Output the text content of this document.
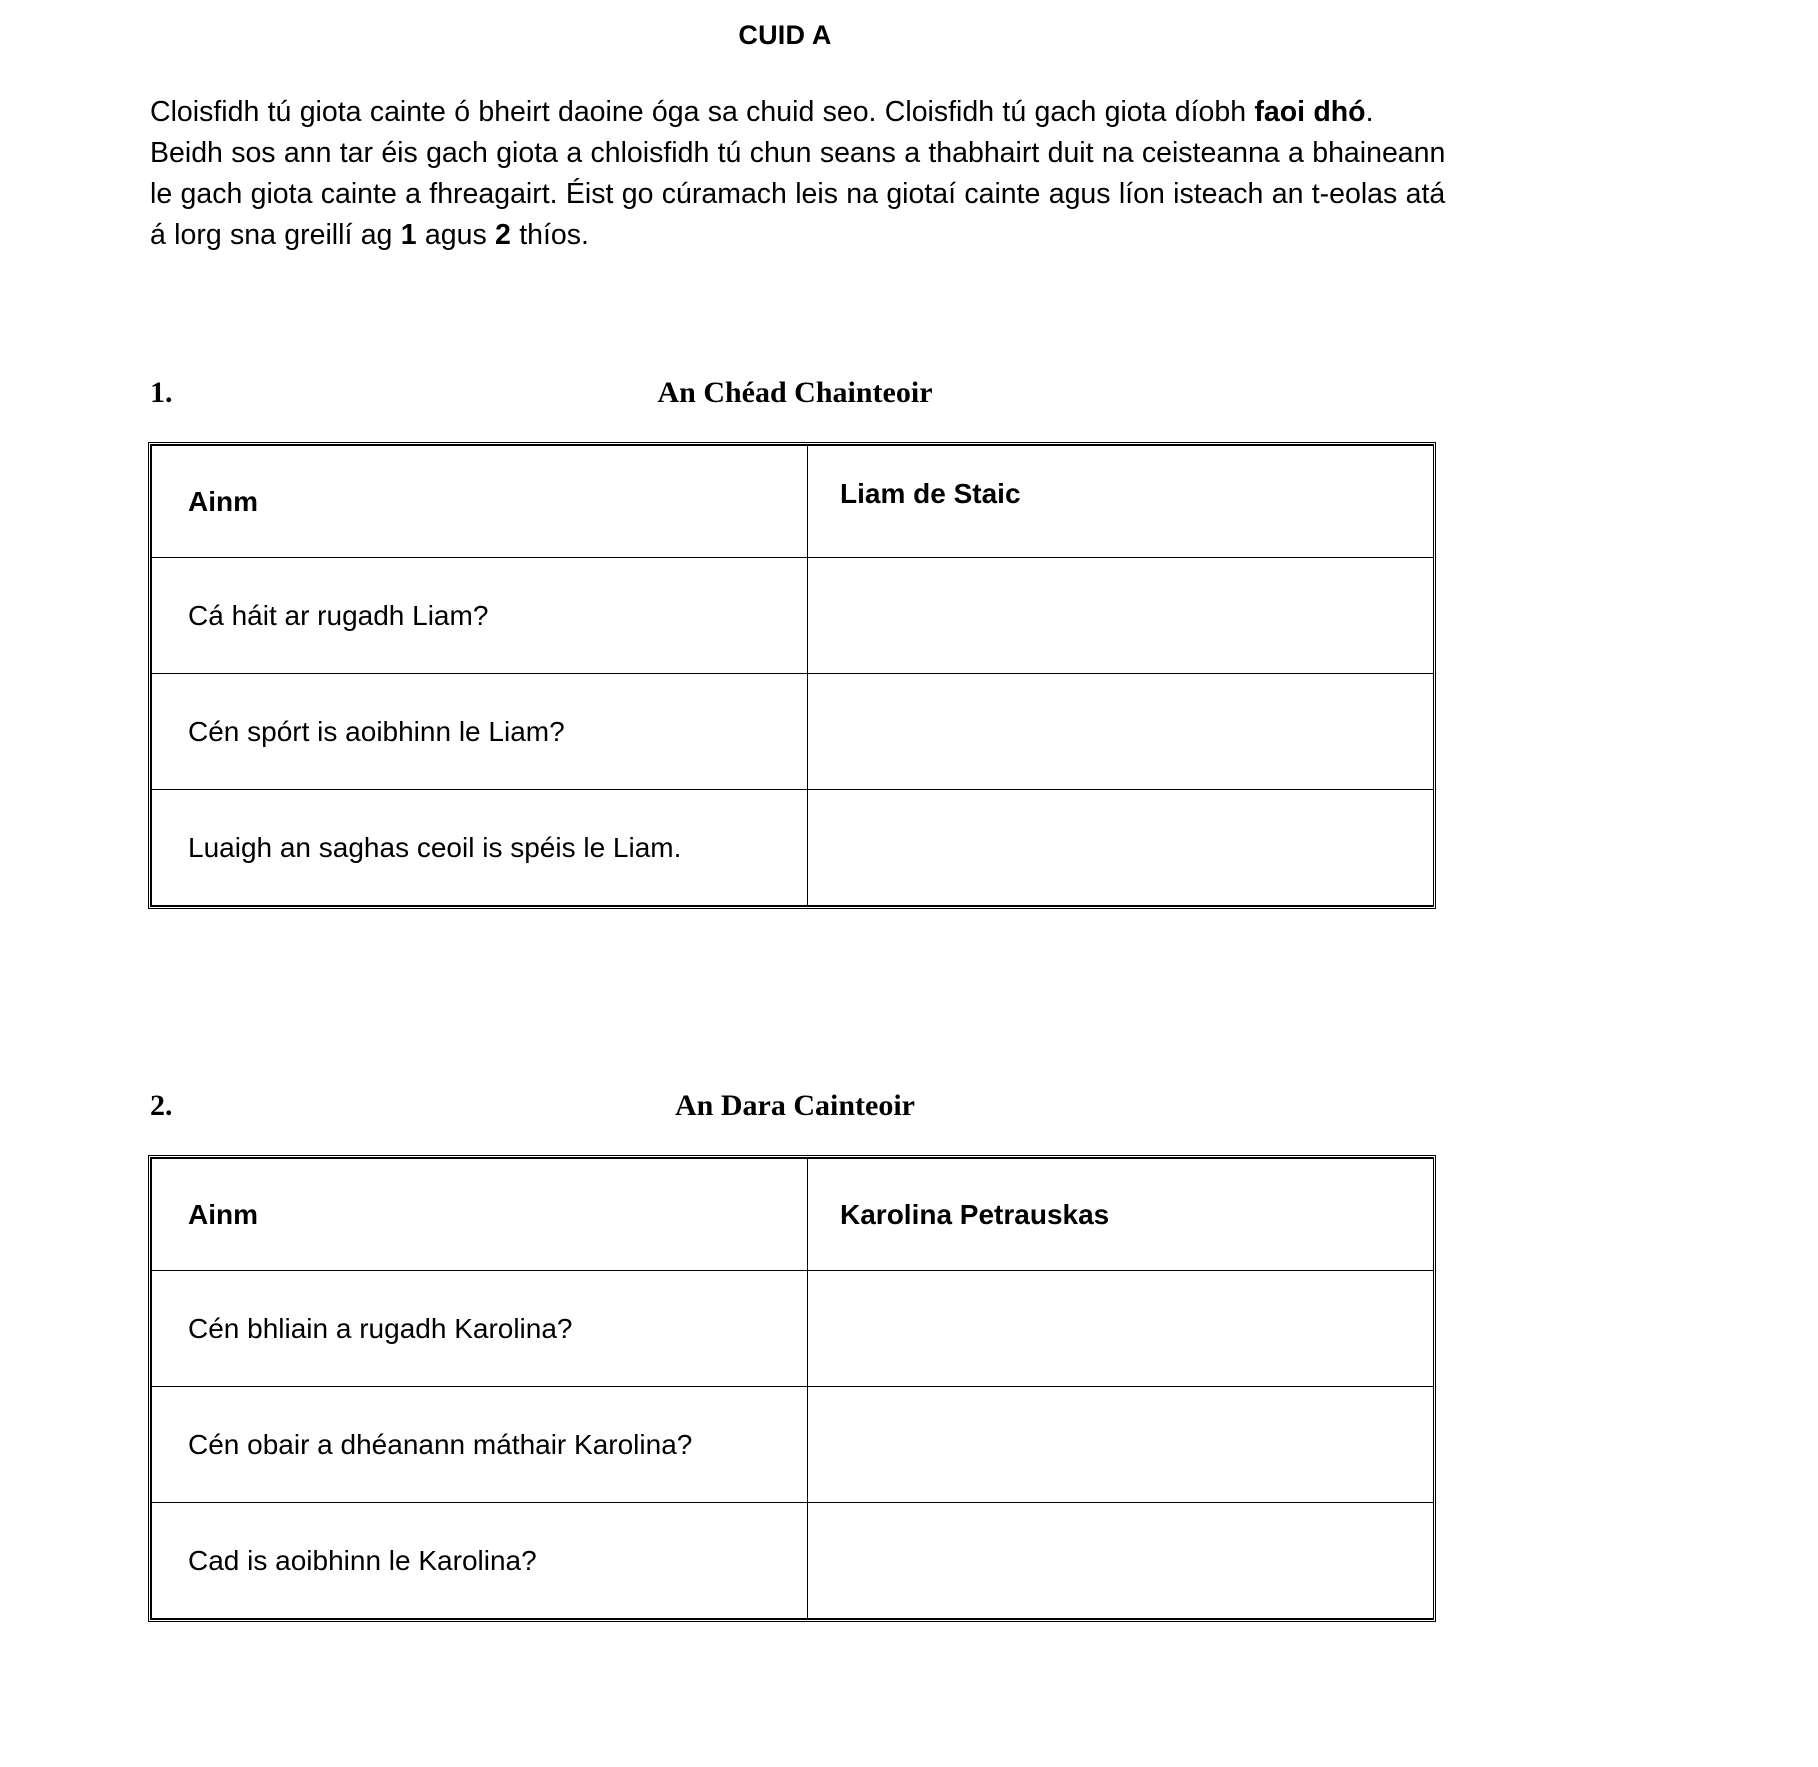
CUID A
Cloisfidh tú giota cainte ó bheirt daoine óga sa chuid seo. Cloisfidh tú gach giota díobh faoi dhó. Beidh sos ann tar éis gach giota a chloisfidh tú chun seans a thabhairt duit na ceisteanna a bhaineann le gach giota cainte a fhreagairt. Éist go cúramach leis na giotaí cainte agus líon isteach an t-eolas atá á lorg sna greillí ag 1 agus 2 thíos.
1.	An Chéad Chainteoir
Ainm	Liam de Staic
Cá háit ar rugadh Liam?	
Cén spórt is aoibhinn le Liam?	
Luaigh an saghas ceoil is spéis le Liam.	
2.	An Dara Cainteoir
Ainm	Karolina Petrauskas
Cén bhliain a rugadh Karolina?	
Cén obair a dhéanann máthair Karolina?	
Cad is aoibhinn le Karolina?	
